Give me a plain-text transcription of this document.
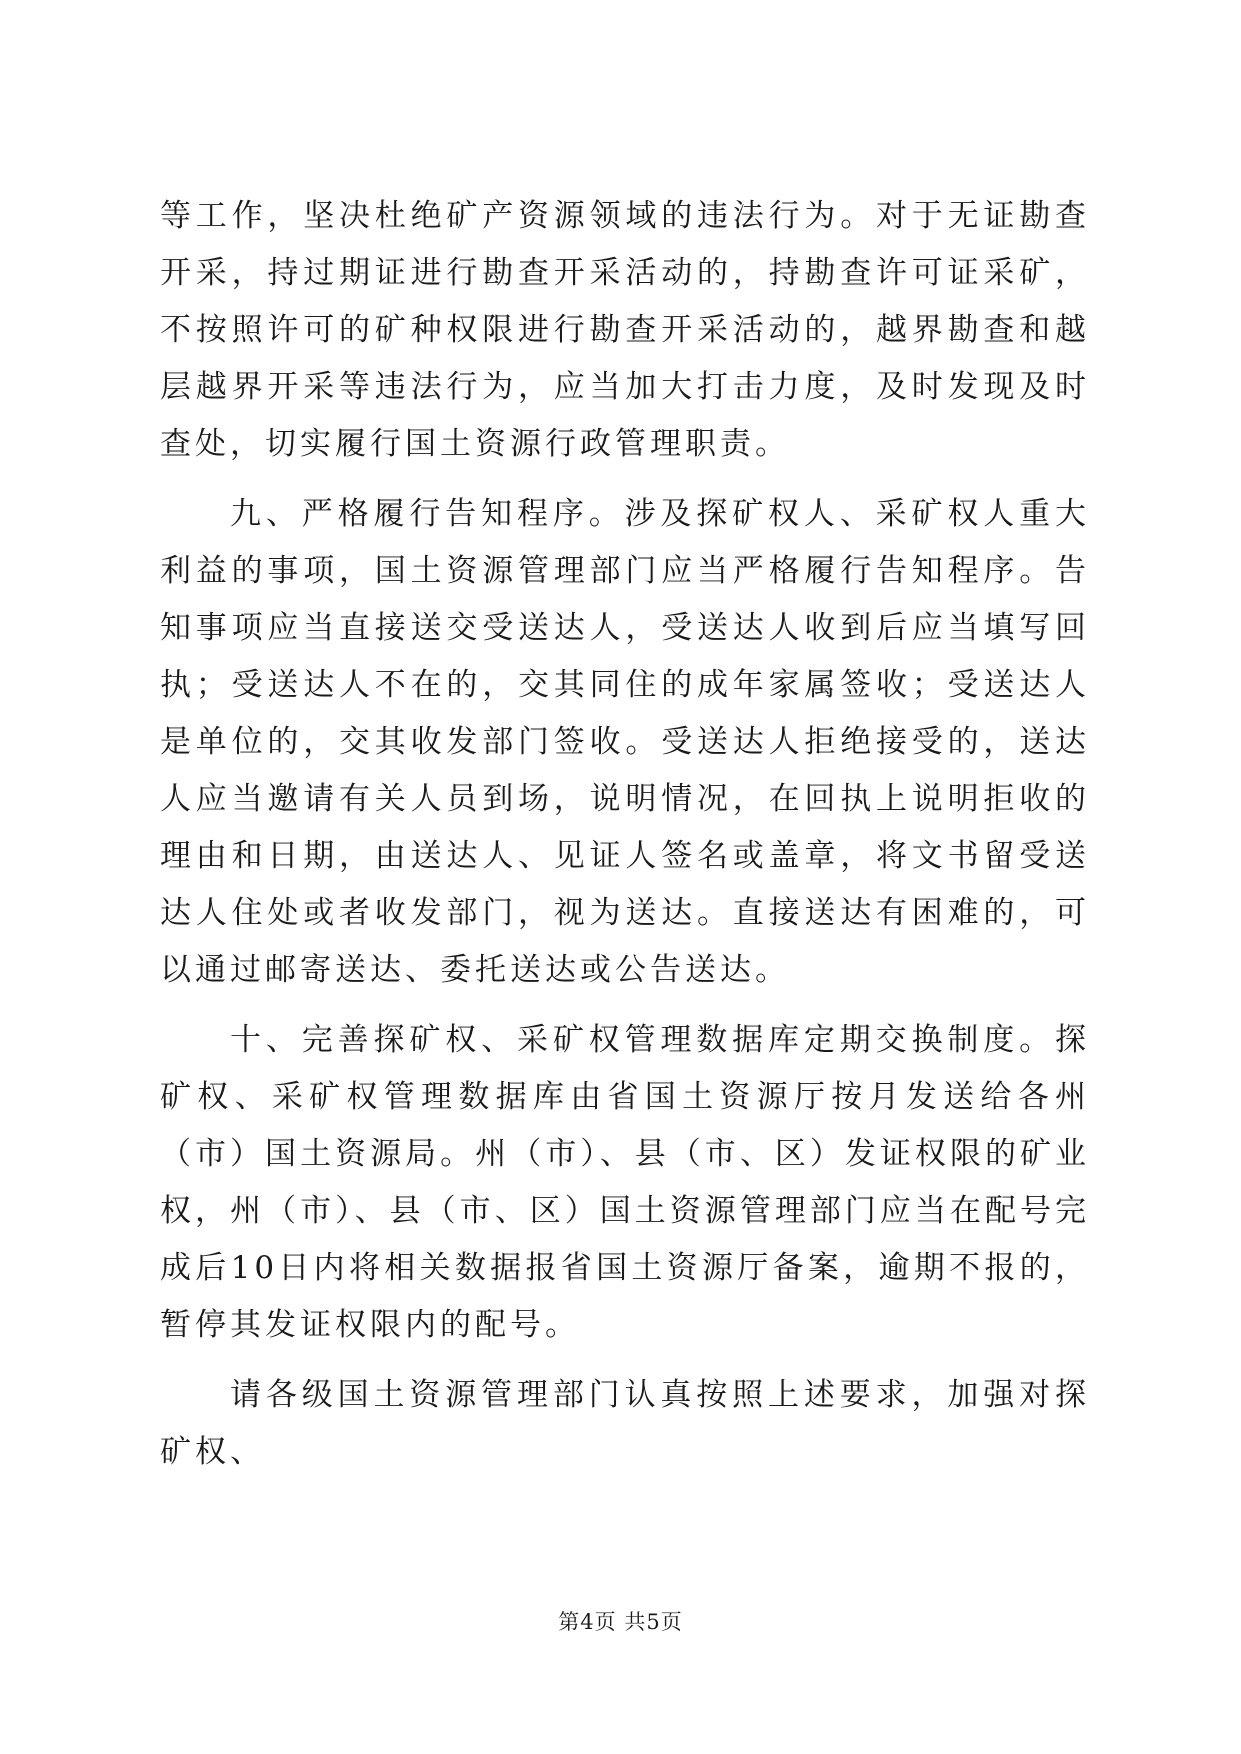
等工作，坚决杜绝矿产资源领域的违法行为。对于无证勘查开采，持过期证进行勘查开采活动的，持勘查许可证采矿，不按照许可的矿种权限进行勘查开采活动的，越界勘查和越层越界开采等违法行为，应当加大打击力度，及时发现及时查处，切实履行国土资源行政管理职责。

九、严格履行告知程序。涉及探矿权人、采矿权人重大利益的事项，国土资源管理部门应当严格履行告知程序。告知事项应当直接送交受送达人，受送达人收到后应当填写回执；受送达人不在的，交其同住的成年家属签收；受送达人是单位的，交其收发部门签收。受送达人拒绝接受的，送达人应当邀请有关人员到场，说明情况，在回执上说明拒收的理由和日期，由送达人、见证人签名或盖章，将文书留受送达人住处或者收发部门，视为送达。直接送达有困难的，可以通过邮寄送达、委托送达或公告送达。

十、完善探矿权、采矿权管理数据库定期交换制度。探矿权、采矿权管理数据库由省国土资源厅按月发送给各州（市）国土资源局。州（市）、县（市、区）发证权限的矿业权，州（市）、县（市、区）国土资源管理部门应当在配号完成后10日内将相关数据报省国土资源厅备案，逾期不报的，暂停其发证权限内的配号。

请各级国土资源管理部门认真按照上述要求，加强对探矿权、

第4页 共5页
